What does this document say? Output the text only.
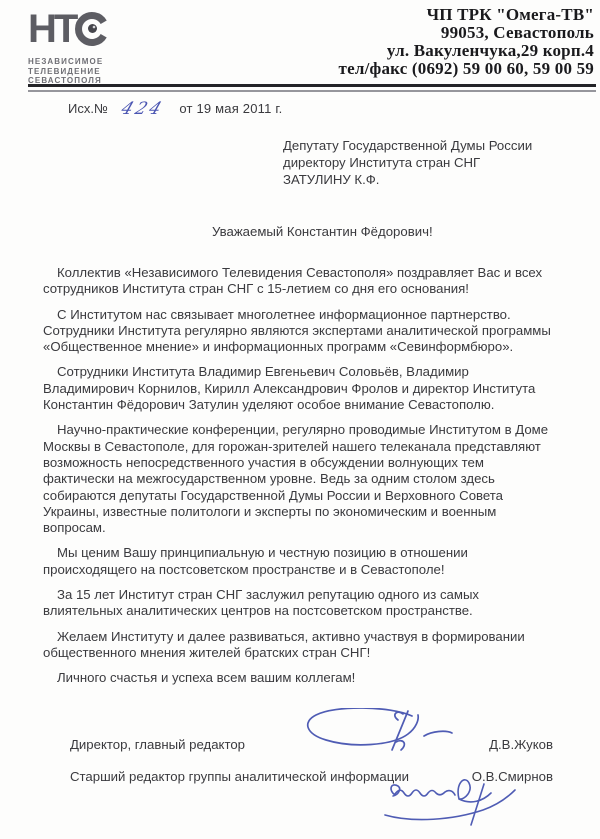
НТ
НЕЗАВИСИМОЕ
ТЕЛЕВИДЕНИЕ
СЕВАСТОПОЛЯ
ЧП ТРК "Омега-ТВ"
99053, Севастополь
ул. Вакуленчука,29 корп.4
тел/факс (0692) 59 00 60, 59 00 59
Исх.№ 424 от 19 мая 2011 г.
Депутату Государственной Думы России
директору Института стран СНГ
ЗАТУЛИНУ К.Ф.
Уважаемый Константин Фёдорович!
Коллектив «Независимого Телевидения Севастополя» поздравляет Вас и всех
сотрудников Института стран СНГ с 15-летием со дня его основания!
С Институтом нас связывает многолетнее информационное партнерство.
Сотрудники Института регулярно являются экспертами аналитической программы
«Общественное мнение» и информационных программ «Севинформбюро».
Сотрудники Института Владимир Евгеньевич Соловьёв, Владимир
Владимирович Корнилов, Кирилл Александрович Фролов и директор Института
Константин Фёдорович Затулин уделяют особое внимание Севастополю.
Научно-практические конференции, регулярно проводимые Институтом в Доме
Москвы в Севастополе, для горожан-зрителей нашего телеканала представляют
возможность непосредственного участия в обсуждении волнующих тем
фактически на межгосударственном уровне. Ведь за одним столом здесь
собираются депутаты Государственной Думы России и Верховного Совета
Украины, известные политологи и эксперты по экономическим и военным
вопросам.
Мы ценим Вашу принципиальную и честную позицию в отношении
происходящего на постсоветском пространстве и в Севастополе!
За 15 лет Институт стран СНГ заслужил репутацию одного из самых
влиятельных аналитических центров на постсоветском пространстве.
Желаем Институту и далее развиваться, активно участвуя в формировании
общественного мнения жителей братских стран СНГ!
Личного счастья и успеха всем вашим коллегам!
Директор, главный редактор	Д.В.Жуков
Старший редактор группы аналитической информации	О.В.Смирнов
